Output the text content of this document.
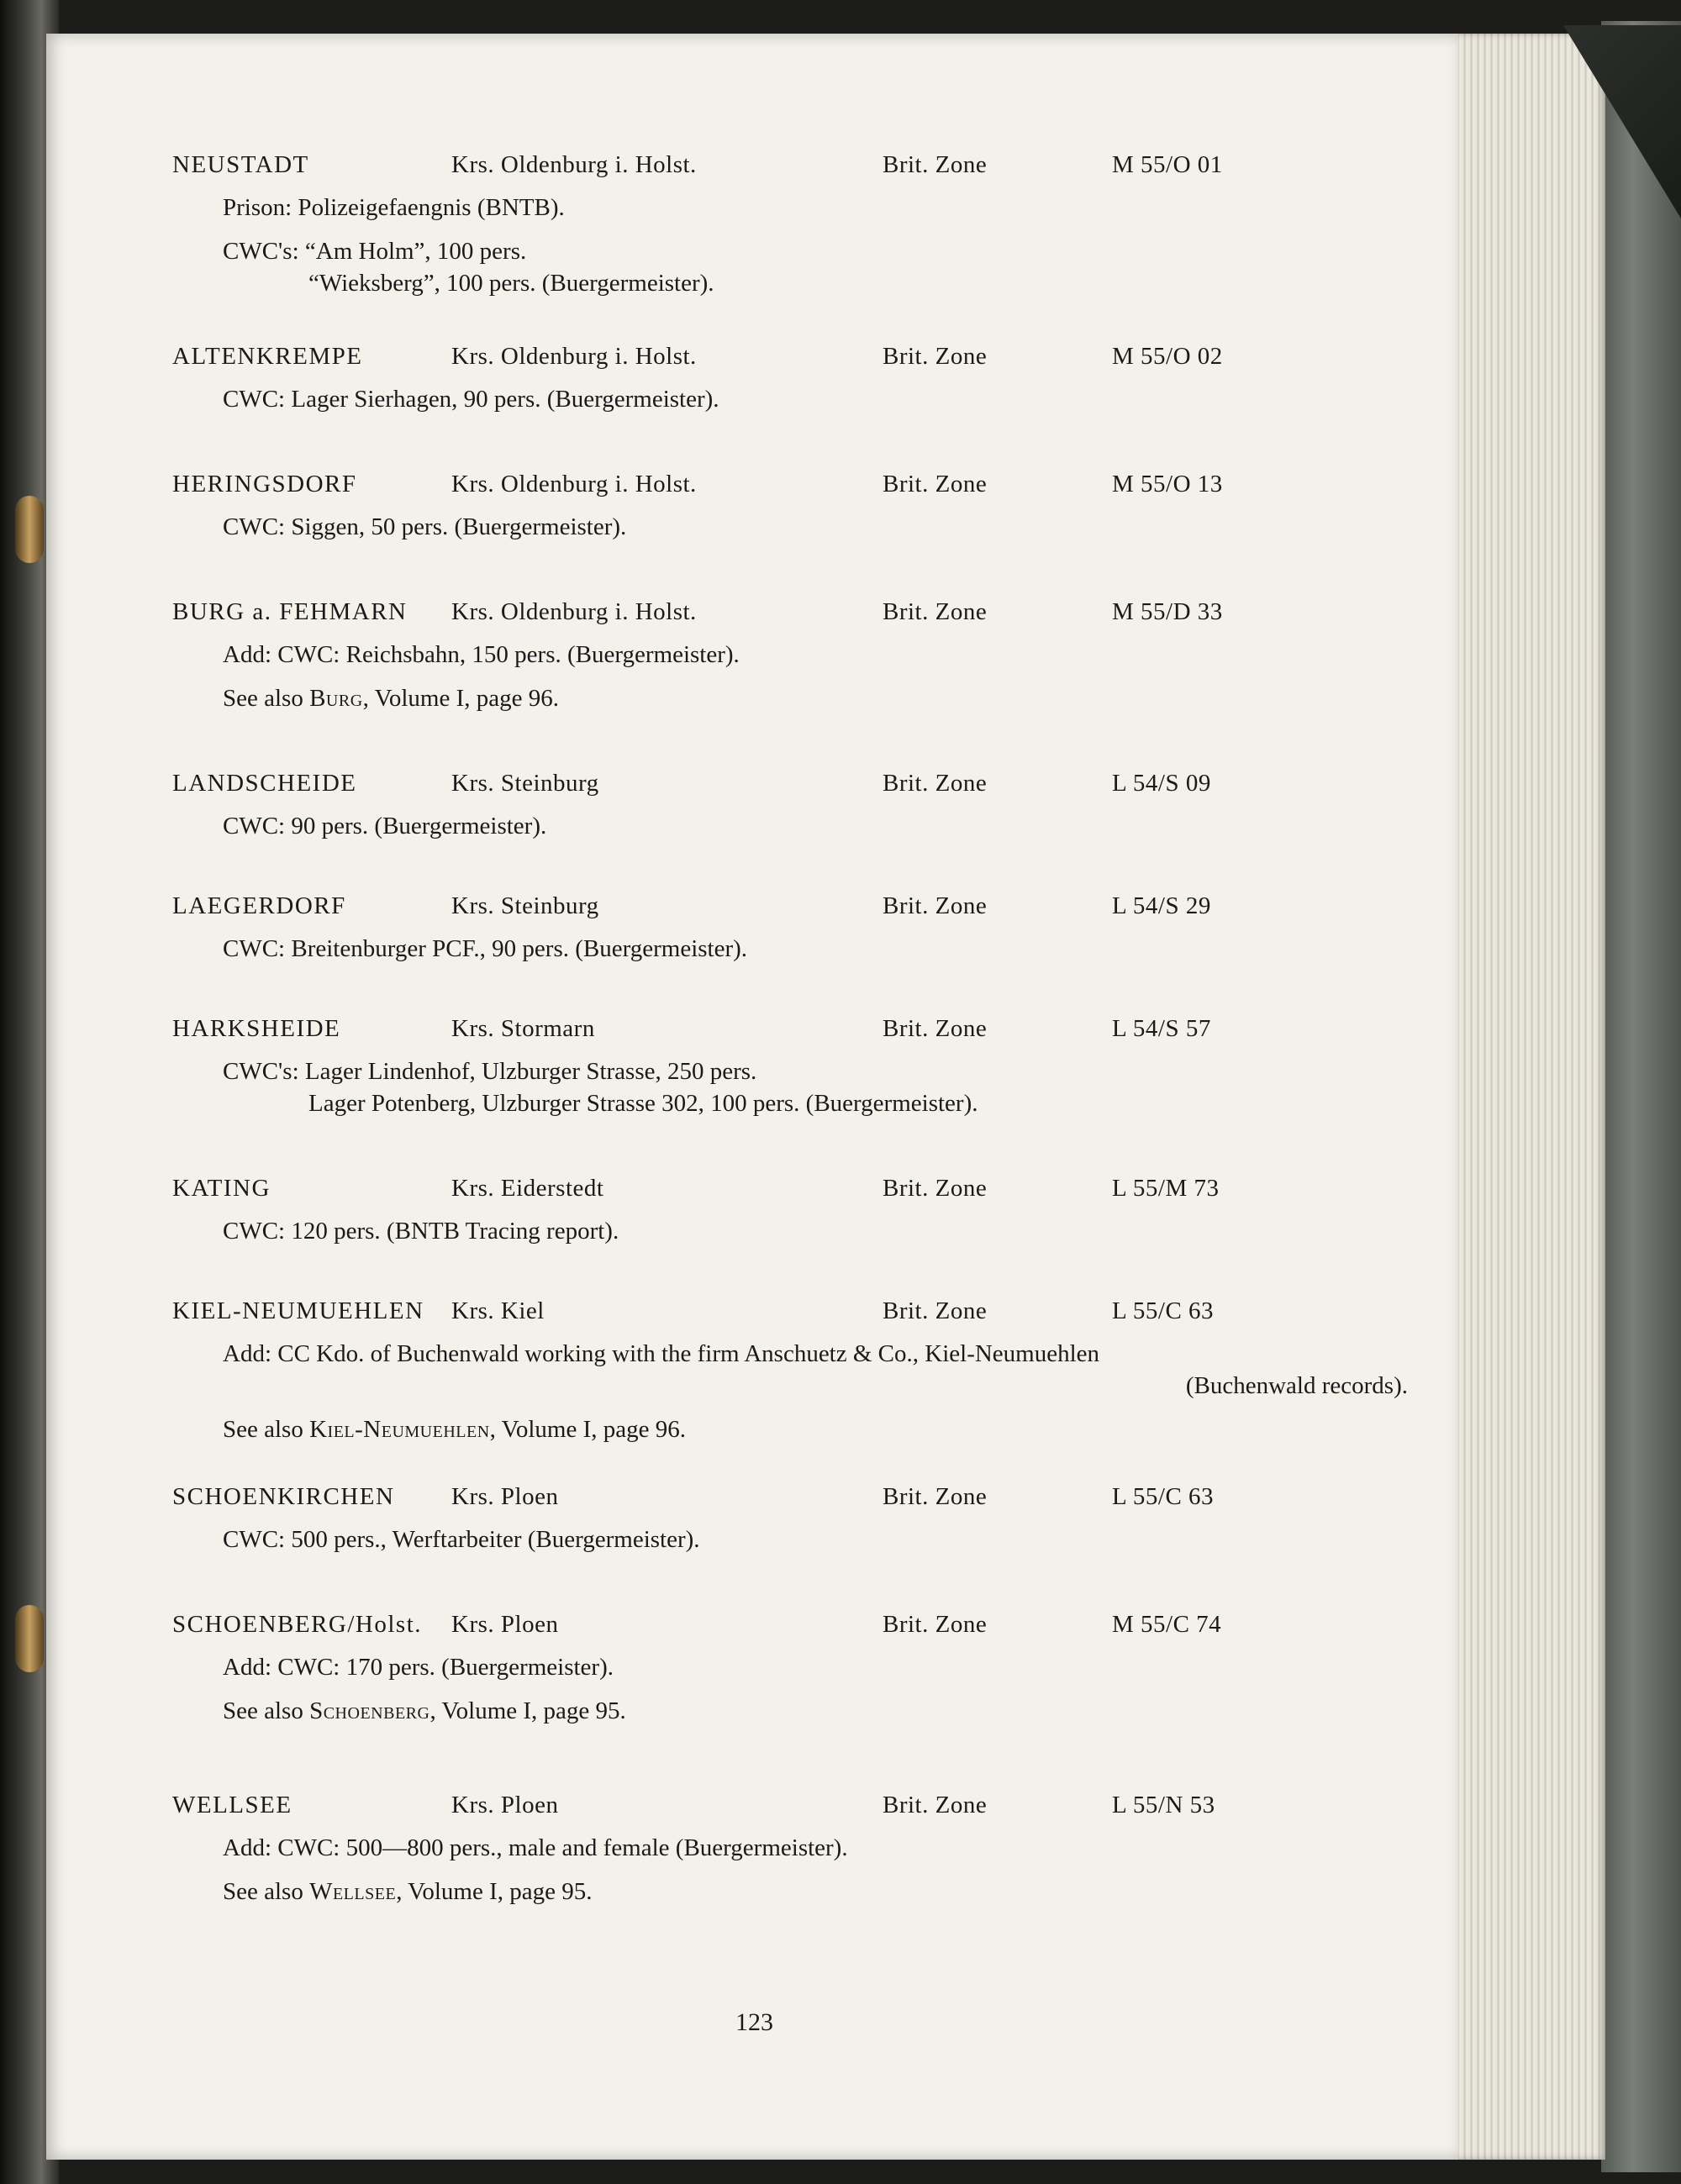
NEUSTADT	Krs. Oldenburg i. Holst.	Brit. Zone	M 55/O 01
Prison: Polizeigefaengnis (BNTB).
CWC's: “Am Holm”, 100 pers.
“Wieksberg”, 100 pers. (Buergermeister).
ALTENKREMPE	Krs. Oldenburg i. Holst.	Brit. Zone	M 55/O 02
CWC: Lager Sierhagen, 90 pers. (Buergermeister).
HERINGSDORF	Krs. Oldenburg i. Holst.	Brit. Zone	M 55/O 13
CWC: Siggen, 50 pers. (Buergermeister).
BURG a. FEHMARN Krs. Oldenburg i. Holst.	Brit. Zone	M 55/D 33
Add: CWC: Reichsbahn, 150 pers. (Buergermeister).
See also Burg, Volume I, page 96.
LANDSCHEIDE	Krs. Steinburg	Brit. Zone	L 54/S 09
CWC: 90 pers. (Buergermeister).
LAEGERDORF	Krs. Steinburg	Brit. Zone	L 54/S 29
CWC: Breitenburger PCF., 90 pers. (Buergermeister).
HARKSHEIDE	Krs. Stormarn	Brit. Zone	L 54/S 57
CWC's: Lager Lindenhof, Ulzburger Strasse, 250 pers.
Lager Potenberg, Ulzburger Strasse 302, 100 pers. (Buergermeister).
KATING	Krs. Eiderstedt	Brit. Zone	L 55/M 73
CWC: 120 pers. (BNTB Tracing report).
KIEL-NEUMUEHLEN Krs. Kiel	Brit. Zone	L 55/C 63
Add: CC Kdo. of Buchenwald working with the firm Anschuetz & Co., Kiel-Neumuehlen
(Buchenwald records).
See also Kiel-Neumuehlen, Volume I, page 96.
SCHOENKIRCHEN Krs. Ploen	Brit. Zone	L 55/C 63
CWC: 500 pers., Werftarbeiter (Buergermeister).
SCHOENBERG/Holst. Krs. Ploen	Brit. Zone	M 55/C 74
Add: CWC: 170 pers. (Buergermeister).
See also Schoenberg, Volume I, page 95.
WELLSEE	Krs. Ploen	Brit. Zone	L 55/N 53
Add: CWC: 500—800 pers., male and female (Buergermeister).
See also Wellsee, Volume I, page 95.
123
